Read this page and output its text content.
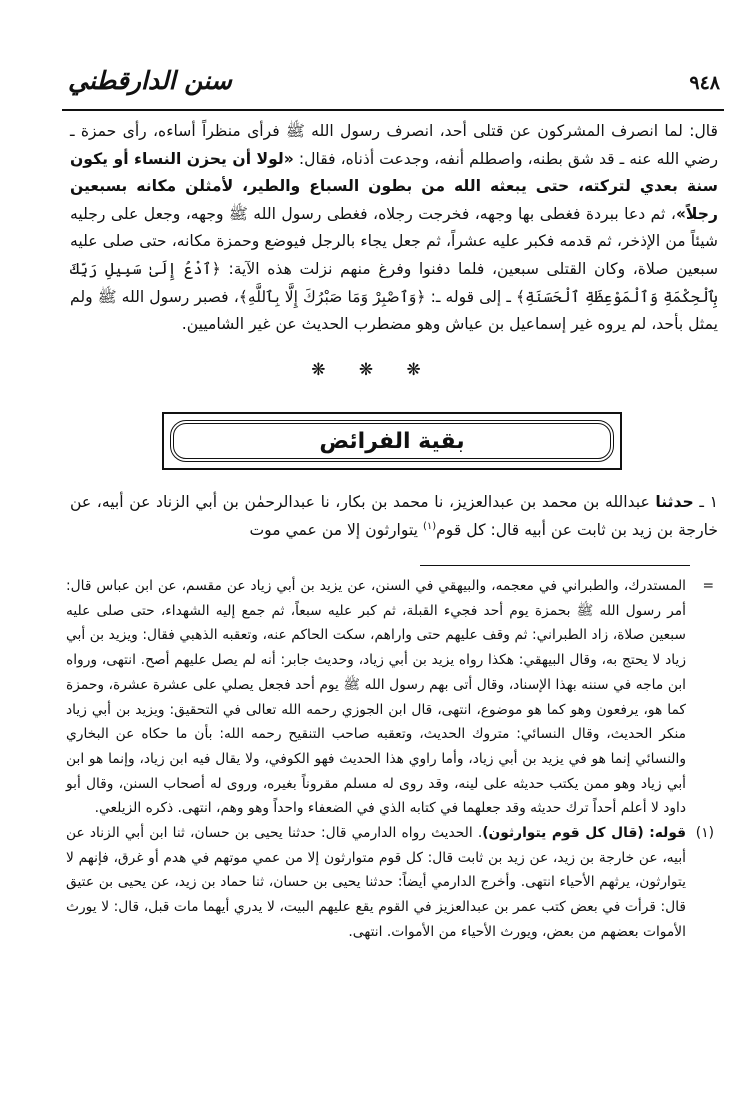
٩٤٨
سنن الدارقطني

قال: لما انصرف المشركون عن قتلى أحد، انصرف رسول الله ﷺ فرأى منظراً أساءه، رأى حمزة ـ رضي الله عنه ـ قد شق بطنه، واصطلم أنفه، وجدعت أذناه، فقال: «لولا أن يحزن النساء أو يكون سنة بعدي لتركته، حتى يبعثه الله من بطون السباع والطير، لأمثلن مكانه بسبعين رجلاً»، ثم دعا ببردة فغطى بها وجهه، فخرجت رجلاه، فغطى رسول الله ﷺ وجهه، وجعل على رجليه شيئاً من الإذخر، ثم قدمه فكبر عليه عشراً، ثم جعل يجاء بالرجل فيوضع وحمزة مكانه، حتى صلى عليه سبعين صلاة، وكان القتلى سبعين، فلما دفنوا وفرغ منهم نزلت هذه الآية: ﴿ٱدْعُ إِلَىٰ سَبِيلِ رَبِّكَ بِٱلْحِكْمَةِ وَٱلْمَوْعِظَةِ ٱلْحَسَنَةِ﴾ ـ إلى قوله ـ: ﴿وَٱصْبِرْ وَمَا صَبْرُكَ إِلَّا بِٱللَّهِ﴾، فصبر رسول الله ﷺ ولم يمثل بأحد، لم يروه غير إسماعيل بن عياش وهو مضطرب الحديث عن غير الشاميين.

❋ ❋ ❋
بقية الفرائض

١ ـ حدثنا عبدالله بن محمد بن عبدالعزيز، نا محمد بن بكار، نا عبدالرحمٰن بن أبي الزناد عن أبيه، عن خارجة بن زيد بن ثابت عن أبيه قال: كل قوم$^{(١)}$ يتوارثون إلا من عمي موت

=
المستدرك، والطبراني في معجمه، والبيهقي في السنن، عن يزيد بن أبي زياد عن مقسم، عن ابن عباس قال: أمر رسول الله ﷺ بحمزة يوم أحد فجيء القبلة، ثم كبر عليه سبعاً، ثم جمع إليه الشهداء، حتى صلى عليه سبعين صلاة، زاد الطبراني: ثم وقف عليهم حتى واراهم، سكت الحاكم عنه، وتعقبه الذهبي فقال: ويزيد بن أبي زياد لا يحتج به، وقال البيهقي: هكذا رواه يزيد بن أبي زياد، وحديث جابر: أنه لم يصل عليهم أصح. انتهى، ورواه ابن ماجه في سننه بهذا الإسناد، وقال أتى بهم رسول الله ﷺ يوم أحد فجعل يصلي على عشرة عشرة، وحمزة كما هو، يرفعون وهو كما هو موضوع، انتهى، قال ابن الجوزي رحمه الله تعالى في التحقيق: ويزيد بن أبي زياد منكر الحديث، وقال النسائي: متروك الحديث، وتعقبه صاحب التنقيح رحمه الله: بأن ما حكاه عن البخاري والنسائي إنما هو في يزيد بن أبي زياد، وأما راوي هذا الحديث فهو الكوفي، ولا يقال فيه ابن زياد، وإنما هو ابن أبي زياد وهو ممن يكتب حديثه على لينه، وقد روى له مسلم مقروناً بغيره، وروى له أصحاب السنن، وقال أبو داود لا أعلم أحداً ترك حديثه وقد جعلهما في كتابه الذي في الضعفاء واحداً وهو وهم، انتهى. ذكره الزيلعي.

(١)
قوله: (قال كل قوم يتوارثون). الحديث رواه الدارمي قال: حدثنا يحيى بن حسان، ثنا ابن أبي الزناد عن أبيه، عن خارجة بن زيد، عن زيد بن ثابت قال: كل قوم متوارثون إلا من عمي موتهم في هدم أو غرق، فإنهم لا يتوارثون، يرثهم الأحياء انتهى. وأخرج الدارمي أيضاً: حدثنا يحيى بن حسان، ثنا حماد بن زيد، عن يحيى بن عتيق قال: قرأت في بعض كتب عمر بن عبدالعزيز في القوم يقع عليهم البيت، لا يدري أيهما مات قبل، قال: لا يورث الأموات بعضهم من بعض، ويورث الأحياء من الأموات. انتهى.
